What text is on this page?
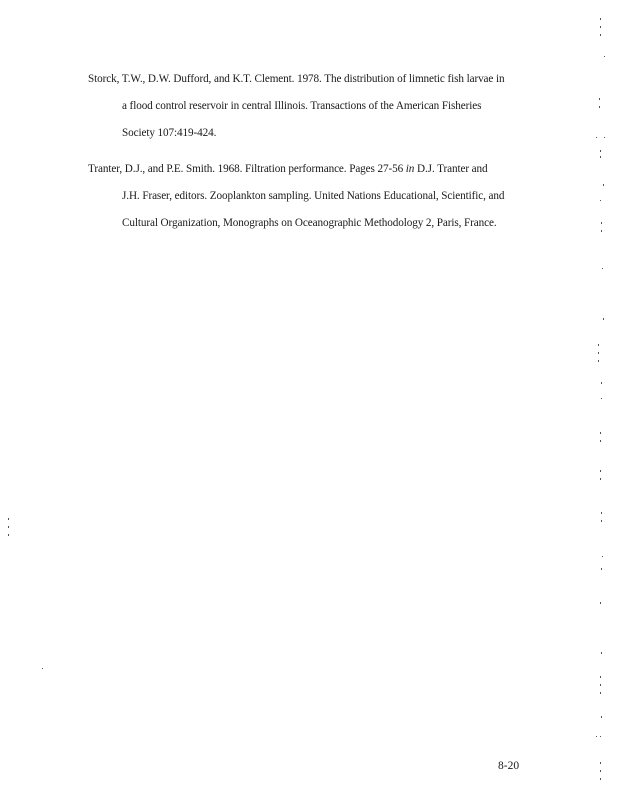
Storck, T.W., D.W. Dufford, and K.T. Clement. 1978. The distribution of limnetic fish larvae in
a flood control reservoir in central Illinois. Transactions of the American Fisheries
Society 107:419-424.
Tranter, D.J., and P.E. Smith. 1968. Filtration performance. Pages 27-56 in D.J. Tranter and
J.H. Fraser, editors. Zooplankton sampling. United Nations Educational, Scientific, and
Cultural Organization, Monographs on Oceanographic Methodology 2, Paris, France.
8-20
